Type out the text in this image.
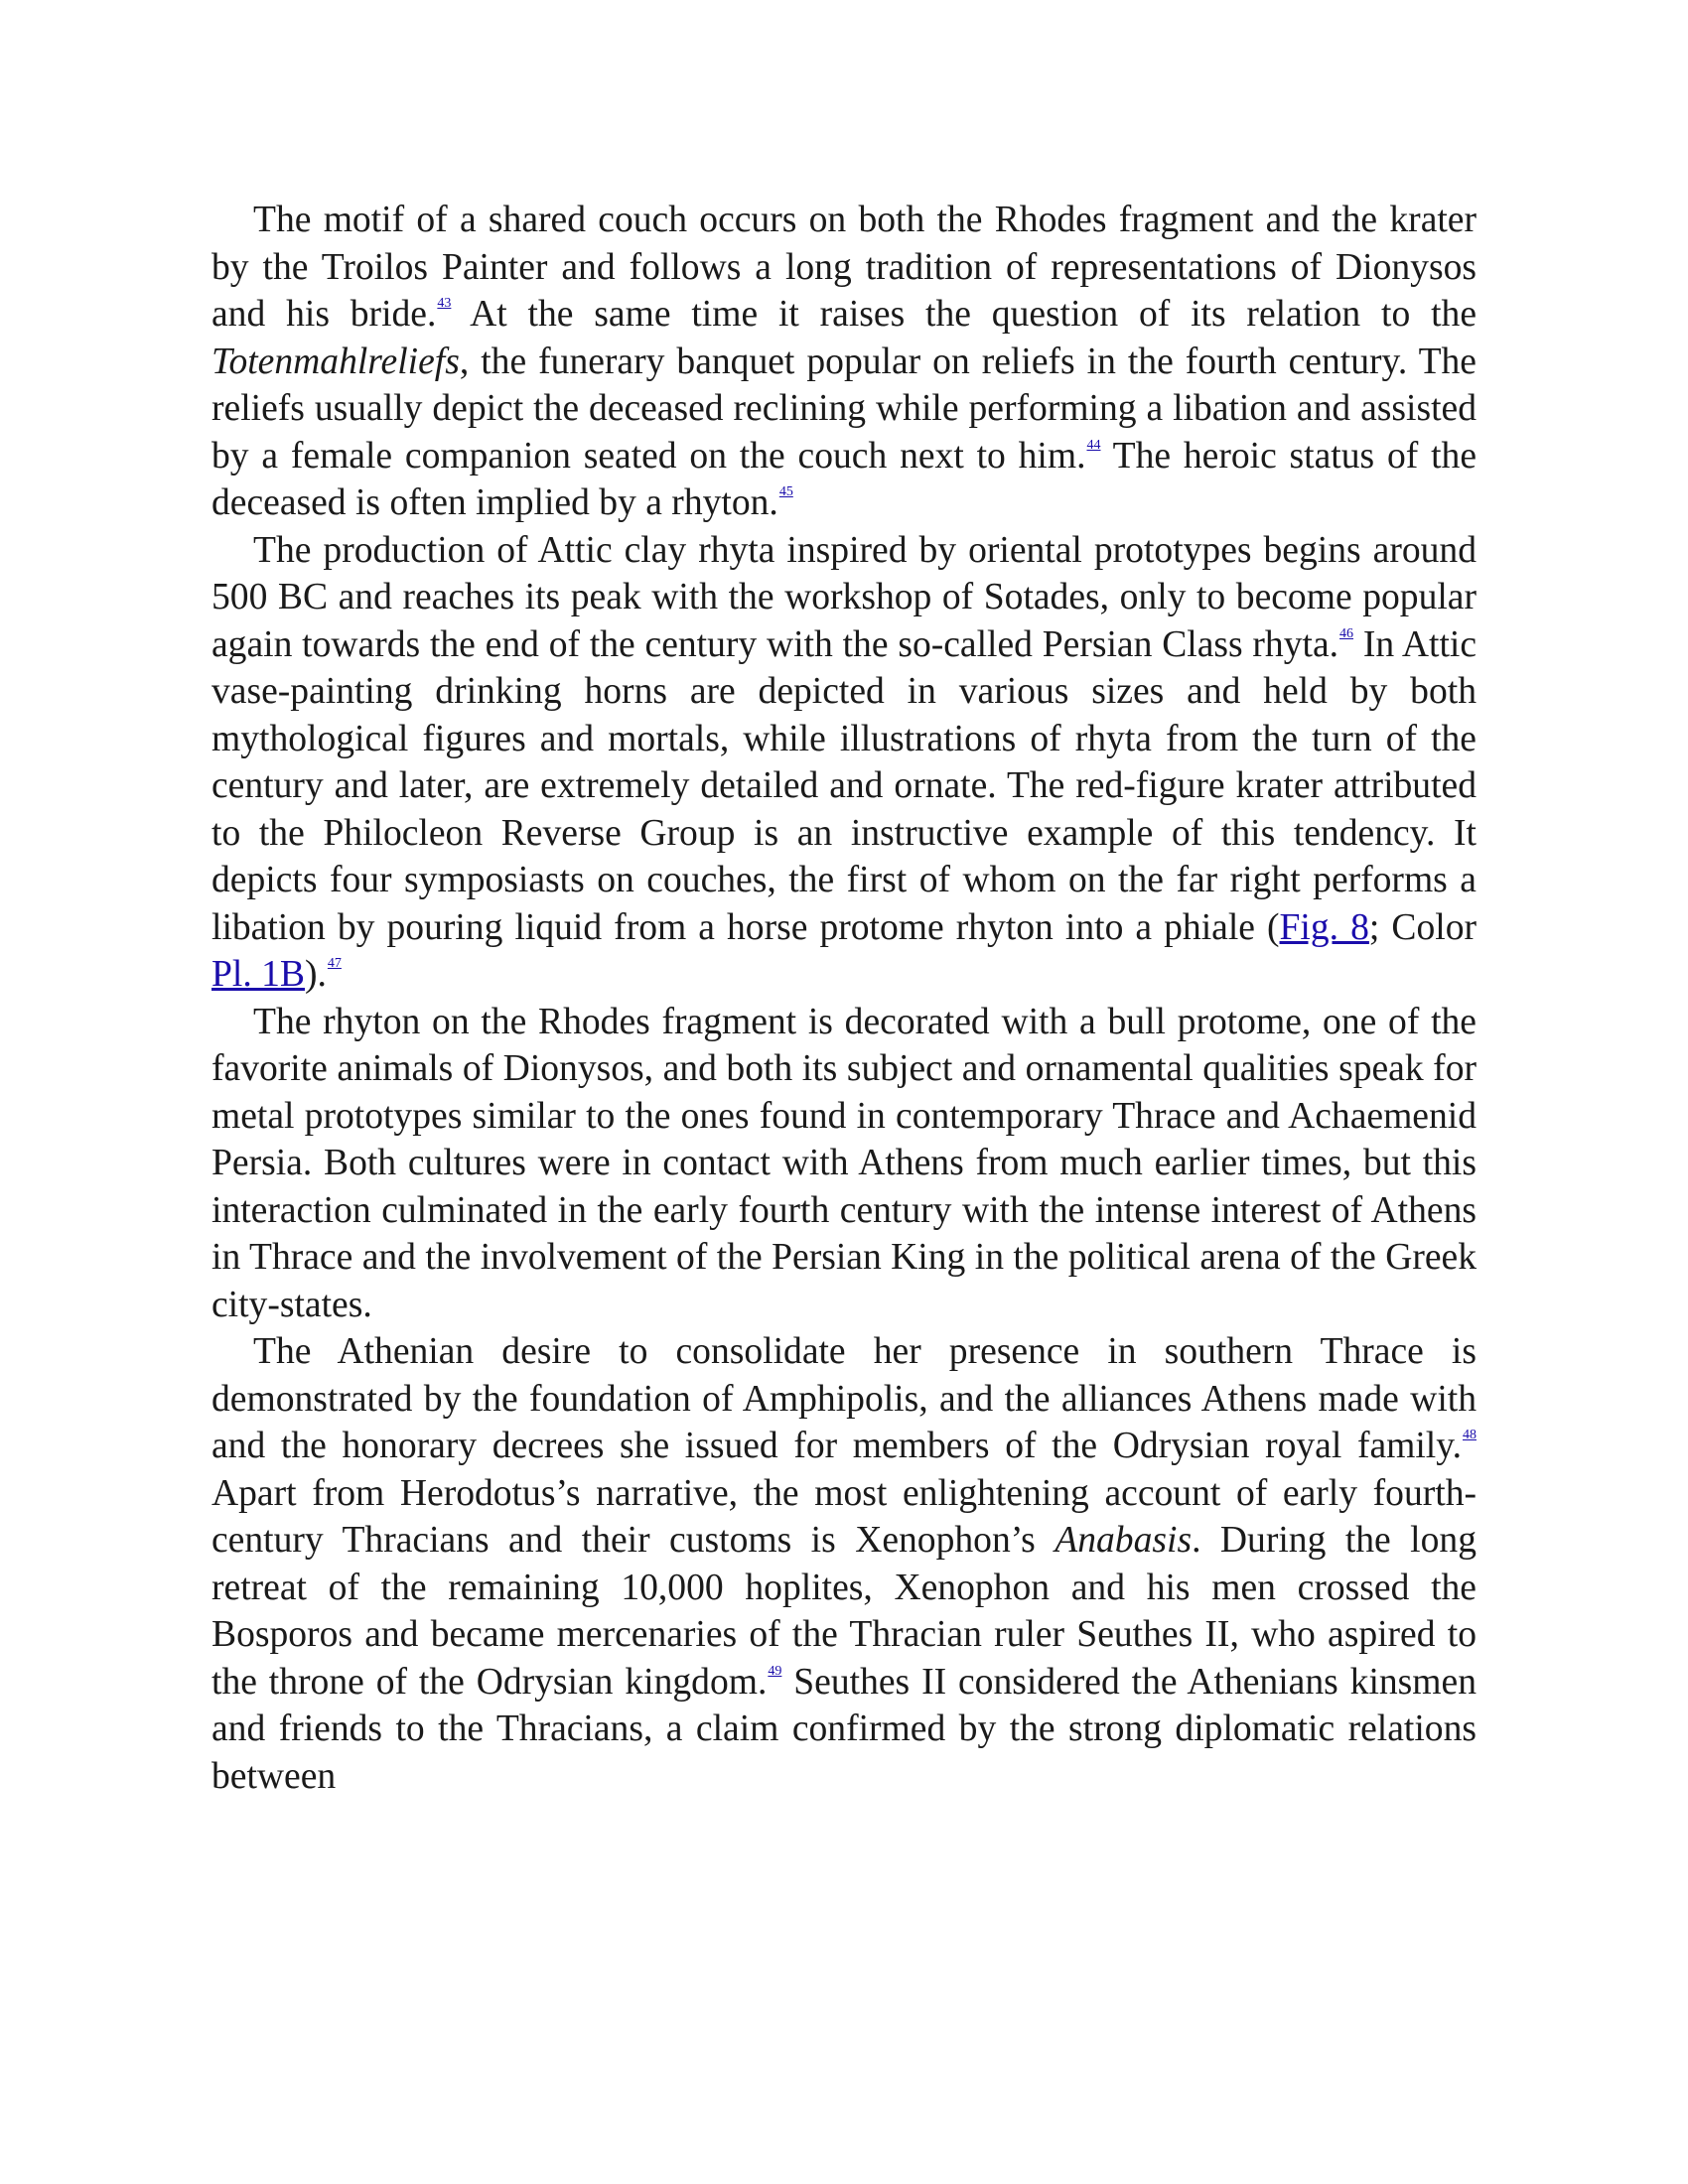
The motif of a shared couch occurs on both the Rhodes fragment and the krater by the Troilos Painter and follows a long tradition of representations of Dionysos and his bride.$^{43}$ At the same time it raises the question of its relation to the Totenmahlreliefs, the funerary banquet popular on reliefs in the fourth century. The reliefs usually depict the deceased reclining while performing a libation and assisted by a female companion seated on the couch next to him.$^{44}$ The heroic status of the deceased is often implied by a rhyton.$^{45}$

The production of Attic clay rhyta inspired by oriental prototypes begins around 500 BC and reaches its peak with the workshop of Sotades, only to become popular again towards the end of the century with the so-called Persian Class rhyta.$^{46}$ In Attic vase-painting drinking horns are depicted in various sizes and held by both mythological figures and mortals, while illustrations of rhyta from the turn of the century and later, are extremely detailed and ornate. The red-figure krater attributed to the Philocleon Reverse Group is an instructive example of this tendency. It depicts four symposiasts on couches, the first of whom on the far right performs a libation by pouring liquid from a horse protome rhyton into a phiale (Fig. 8; Color Pl. 1B).$^{47}$

The rhyton on the Rhodes fragment is decorated with a bull protome, one of the favorite animals of Dionysos, and both its subject and ornamental qualities speak for metal prototypes similar to the ones found in contemporary Thrace and Achaemenid Persia. Both cultures were in contact with Athens from much earlier times, but this interaction culminated in the early fourth century with the intense interest of Athens in Thrace and the involvement of the Persian King in the political arena of the Greek city-states.

The Athenian desire to consolidate her presence in southern Thrace is demonstrated by the foundation of Amphipolis, and the alliances Athens made with and the honorary decrees she issued for members of the Odrysian royal family.$^{48}$ Apart from Herodotus’s narrative, the most enlightening account of early fourth-century Thracians and their customs is Xenophon’s Anabasis. During the long retreat of the remaining 10,000 hoplites, Xenophon and his men crossed the Bosporos and became mercenaries of the Thracian ruler Seuthes II, who aspired to the throne of the Odrysian kingdom.$^{49}$ Seuthes II considered the Athenians kinsmen and friends to the Thracians, a claim confirmed by the strong diplomatic relations between
